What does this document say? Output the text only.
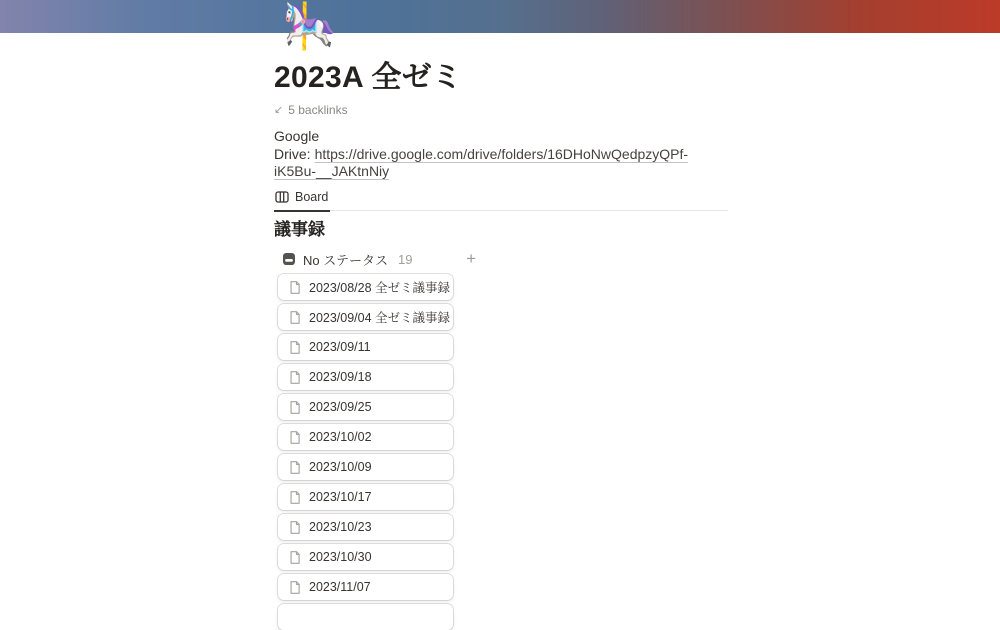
🎠
2023A 全ゼミ
↙ 5 backlinks
Google Drive: https://drive.google.com/drive/folders/16DHoNwQedpzyQPf-iK5Bu-__JAKtnNiy
Board
議事録
No ステータス 19	+
2023/08/28 全ゼミ議事録
2023/09/04 全ゼミ議事録
2023/09/11
2023/09/18
2023/09/25
2023/10/02
2023/10/09
2023/10/17
2023/10/23
2023/10/30
2023/11/07
